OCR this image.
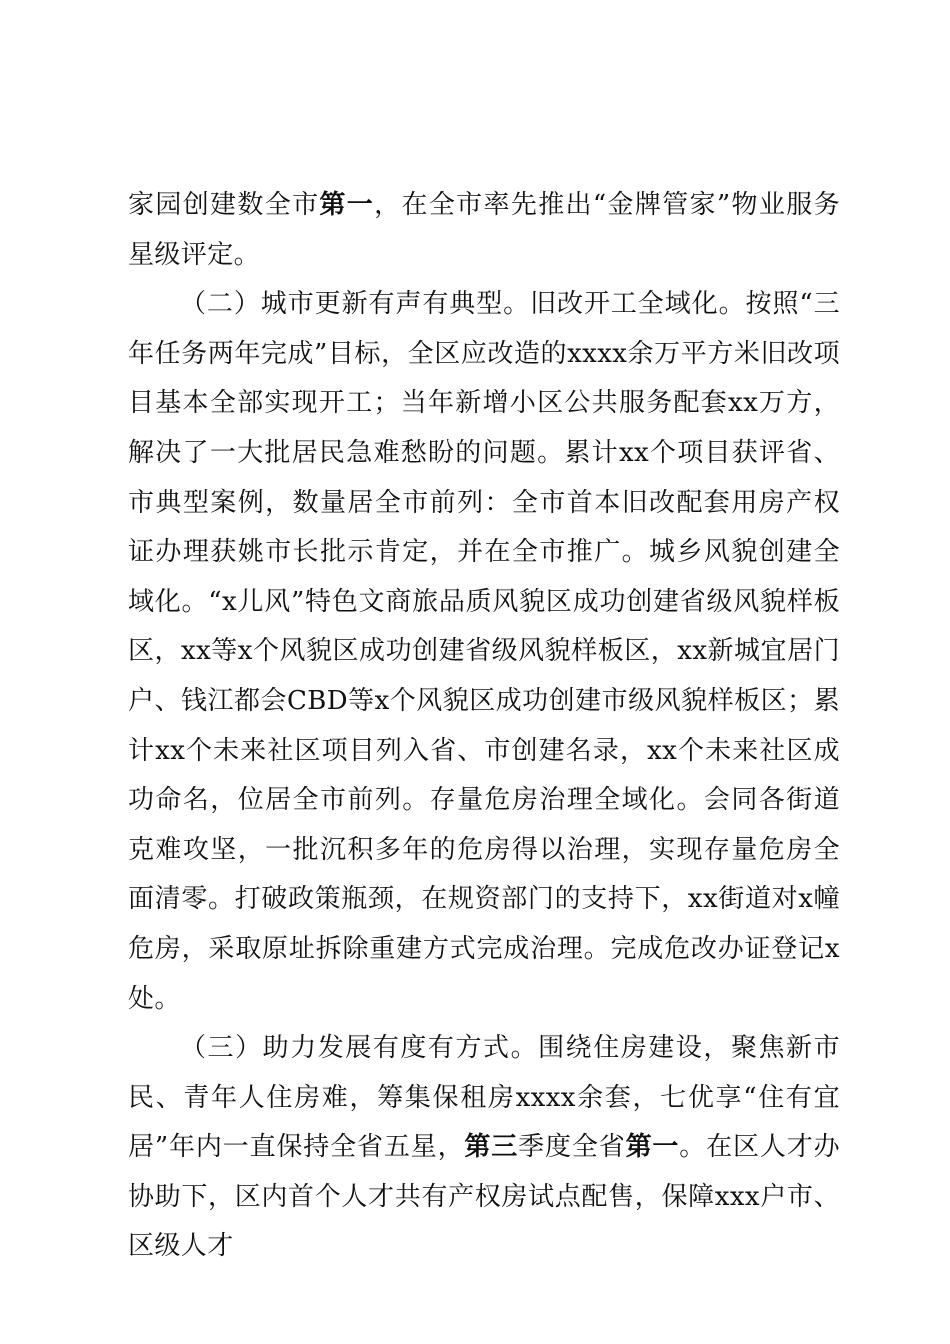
家园创建数全市第一，在全市率先推出“金牌管家”物业服务星级评定。

（二）城市更新有声有典型。旧改开工全域化。按照“三年任务两年完成”目标，全区应改造的xxxx余万平方米旧改项目基本全部实现开工；当年新增小区公共服务配套xx万方，解决了一大批居民急难愁盼的问题。累计xx个项目获评省、市典型案例，数量居全市前列：全市首本旧改配套用房产权证办理获姚市长批示肯定，并在全市推广。城乡风貌创建全域化。“x儿风”特色文商旅品质风貌区成功创建省级风貌样板区，xx等x个风貌区成功创建省级风貌样板区，xx新城宜居门户、钱江都会CBD等x个风貌区成功创建市级风貌样板区；累计xx个未来社区项目列入省、市创建名录，xx个未来社区成功命名，位居全市前列。存量危房治理全域化。会同各街道克难攻坚，一批沉积多年的危房得以治理，实现存量危房全面清零。打破政策瓶颈，在规资部门的支持下，xx街道对x幢危房，采取原址拆除重建方式完成治理。完成危改办证登记x处。

（三）助力发展有度有方式。围绕住房建设，聚焦新市民、青年人住房难，筹集保租房xxxx余套，七优享“住有宜居”年内一直保持全省五星，第三季度全省第一。在区人才办协助下，区内首个人才共有产权房试点配售，保障xxx户市、区级人才
